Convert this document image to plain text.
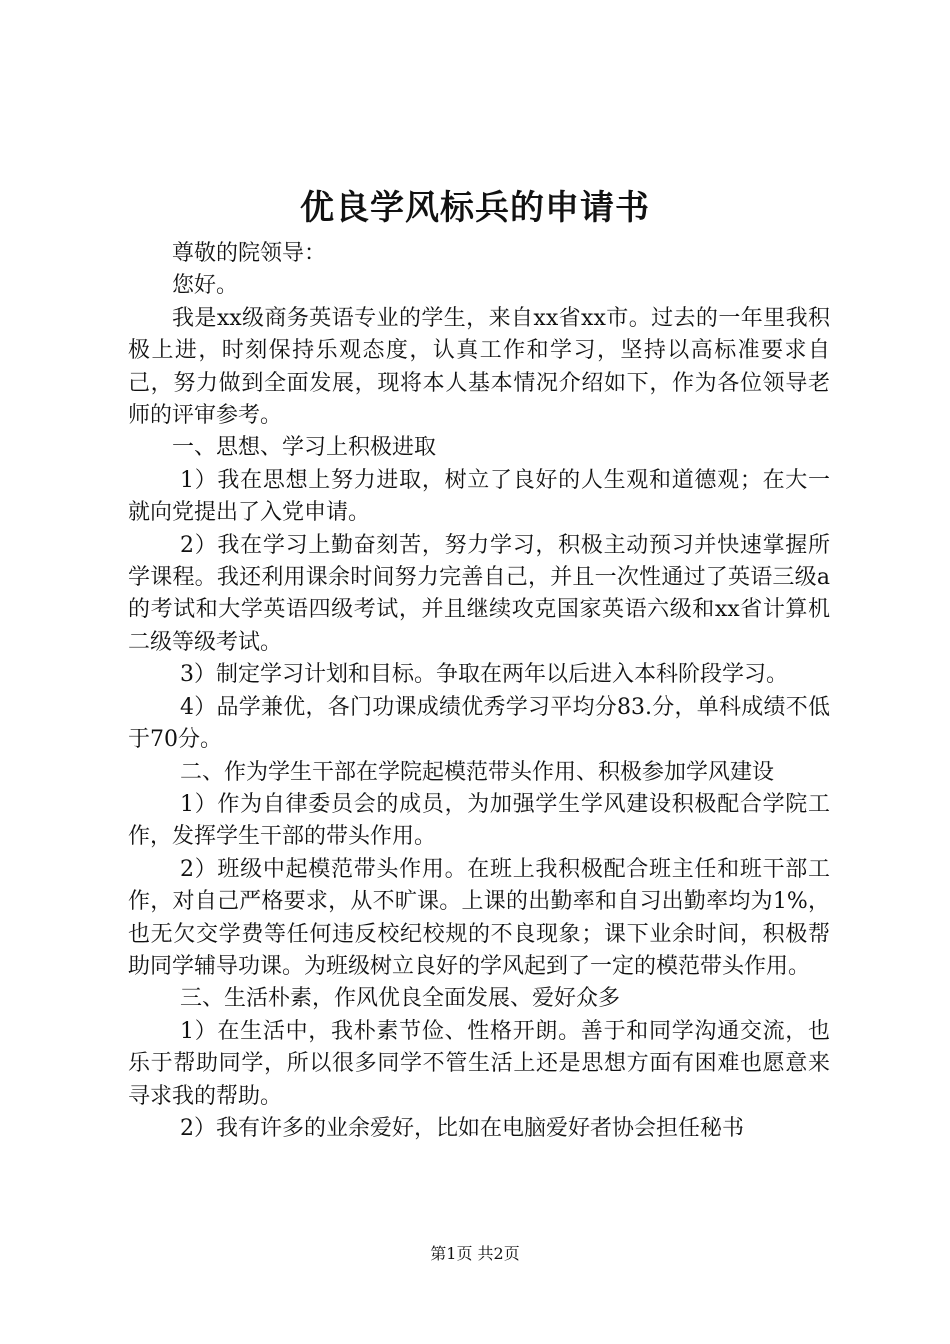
优良学风标兵的申请书

尊敬的院领导：

您好。

我是xx级商务英语专业的学生，来自xx省xx市。过去的一年里我积极上进，时刻保持乐观态度，认真工作和学习，坚持以高标准要求自己，努力做到全面发展，现将本人基本情况介绍如下，作为各位领导老师的评审参考。

一、思想、学习上积极进取

1）我在思想上努力进取，树立了良好的人生观和道德观；在大一就向党提出了入党申请。

2）我在学习上勤奋刻苦，努力学习，积极主动预习并快速掌握所学课程。我还利用课余时间努力完善自己，并且一次性通过了英语三级a的考试和大学英语四级考试，并且继续攻克国家英语六级和xx省计算机二级等级考试。

3）制定学习计划和目标。争取在两年以后进入本科阶段学习。

4）品学兼优，各门功课成绩优秀学习平均分83.分，单科成绩不低于70分。

二、作为学生干部在学院起模范带头作用、积极参加学风建设

1）作为自律委员会的成员，为加强学生学风建设积极配合学院工作，发挥学生干部的带头作用。

2）班级中起模范带头作用。在班上我积极配合班主任和班干部工作，对自己严格要求，从不旷课。上课的出勤率和自习出勤率均为1%，也无欠交学费等任何违反校纪校规的不良现象；课下业余时间，积极帮助同学辅导功课。为班级树立良好的学风起到了一定的模范带头作用。

三、生活朴素，作风优良全面发展、爱好众多

1）在生活中，我朴素节俭、性格开朗。善于和同学沟通交流，也乐于帮助同学，所以很多同学不管生活上还是思想方面有困难也愿意来寻求我的帮助。

2）我有许多的业余爱好，比如在电脑爱好者协会担任秘书

第1页 共2页
